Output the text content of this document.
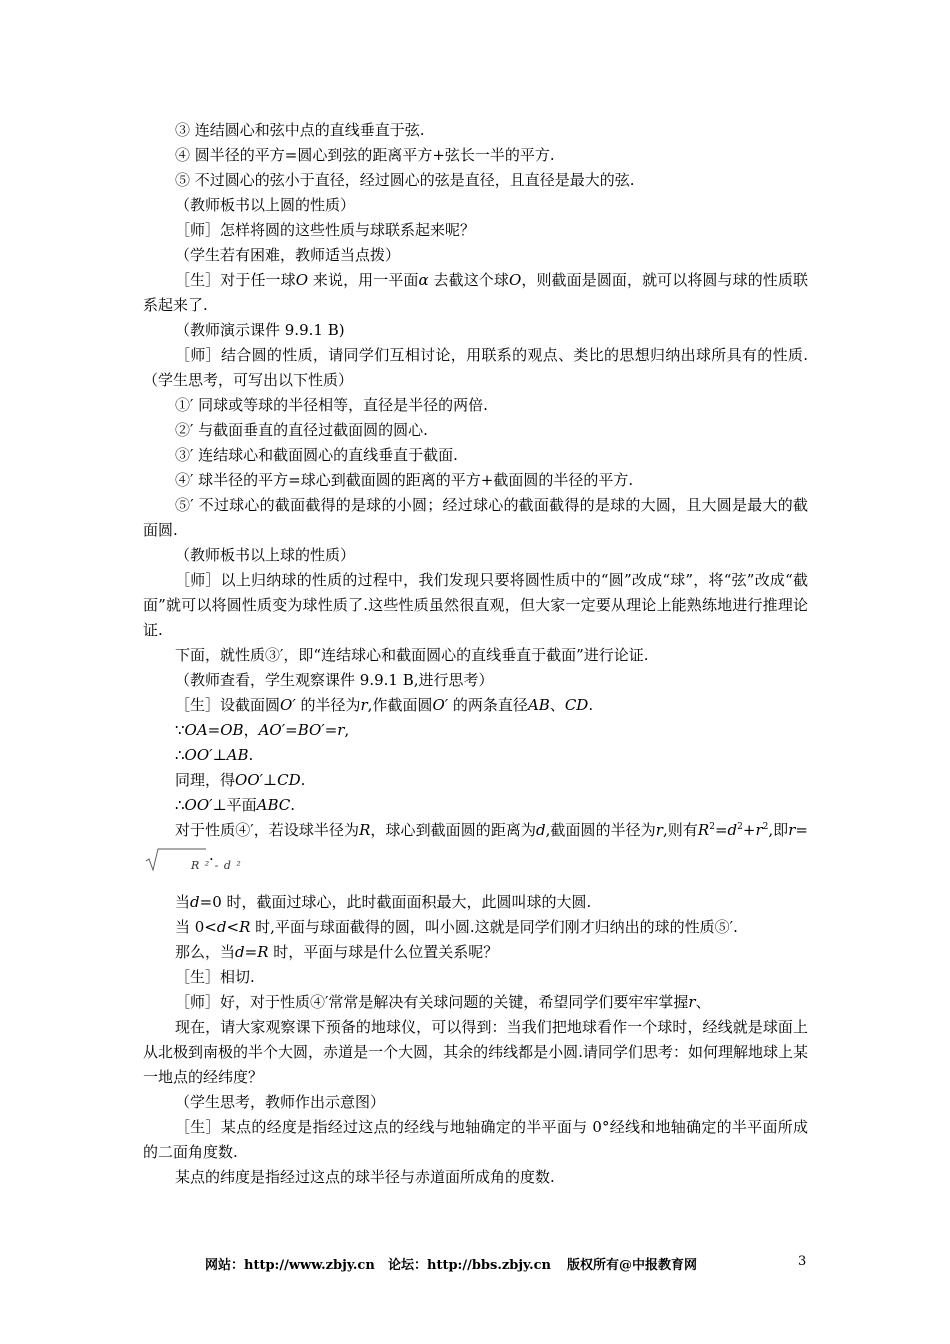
③ 连结圆心和弦中点的直线垂直于弦.

④ 圆半径的平方=圆心到弦的距离平方+弦长一半的平方.

⑤ 不过圆心的弦小于直径，经过圆心的弦是直径，且直径是最大的弦.

（教师板书以上圆的性质）

［师］怎样将圆的这些性质与球联系起来呢？

（学生若有困难，教师适当点拨）

［生］对于任一球O 来说，用一平面α 去截这个球O，则截面是圆面，就可以将圆与球的性质联系起来了.

（教师演示课件 9.9.1 B)

［师］结合圆的性质，请同学们互相讨论，用联系的观点、类比的思想归纳出球所具有的性质.（学生思考，可写出以下性质）

①′ 同球或等球的半径相等，直径是半径的两倍.

②′ 与截面垂直的直径过截面圆的圆心.

③′ 连结球心和截面圆心的直线垂直于截面.

④′ 球半径的平方=球心到截面圆的距离的平方+截面圆的半径的平方.

⑤′ 不过球心的截面截得的是球的小圆；经过球心的截面截得的是球的大圆，且大圆是最大的截面圆.

（教师板书以上球的性质）

［师］以上归纳球的性质的过程中，我们发现只要将圆性质中的“圆”改成“球”，将“弦”改成“截面”就可以将圆性质变为球性质了.这些性质虽然很直观，但大家一定要从理论上能熟练地进行推理论证.

下面，就性质③′，即“连结球心和截面圆心的直线垂直于截面”进行论证.

（教师查看，学生观察课件 9.9.1 B,进行思考）

［生］设截面圆O′ 的半径为r,作截面圆O′ 的两条直径AB、CD.

∵OA=OB，AO′=BO′=r,

∴OO′⊥AB.

同理，得OO′⊥CD.

∴OO′⊥平面ABC.

对于性质④′，若设球半径为R，球心到截面圆的距离为d,截面圆的半径为r,则有$R^2=d^2+r^2$,即r=
R ² - d ²
.

当d=0 时，截面过球心，此时截面面积最大，此圆叫球的大圆.

当 0<d<R 时,平面与球面截得的圆，叫小圆.这就是同学们刚才归纳出的球的性质⑤′.

那么，当d=R 时，平面与球是什么位置关系呢？

［生］相切.

［师］好，对于性质④′常常是解决有关球问题的关键，希望同学们要牢牢掌握r、

现在，请大家观察课下预备的地球仪，可以得到：当我们把地球看作一个球时，经线就是球面上从北极到南极的半个大圆，赤道是一个大圆，其余的纬线都是小圆.请同学们思考：如何理解地球上某一地点的经纬度？

（学生思考，教师作出示意图）

［生］某点的经度是指经过这点的经线与地轴确定的半平面与 0°经线和地轴确定的半平面所成的二面角度数.

某点的纬度是指经过这点的球半径与赤道面所成角的度数.

网站：http://www.zbjy.cn 论坛：http://bbs.zbjy.cn 版权所有@中报教育网	3
